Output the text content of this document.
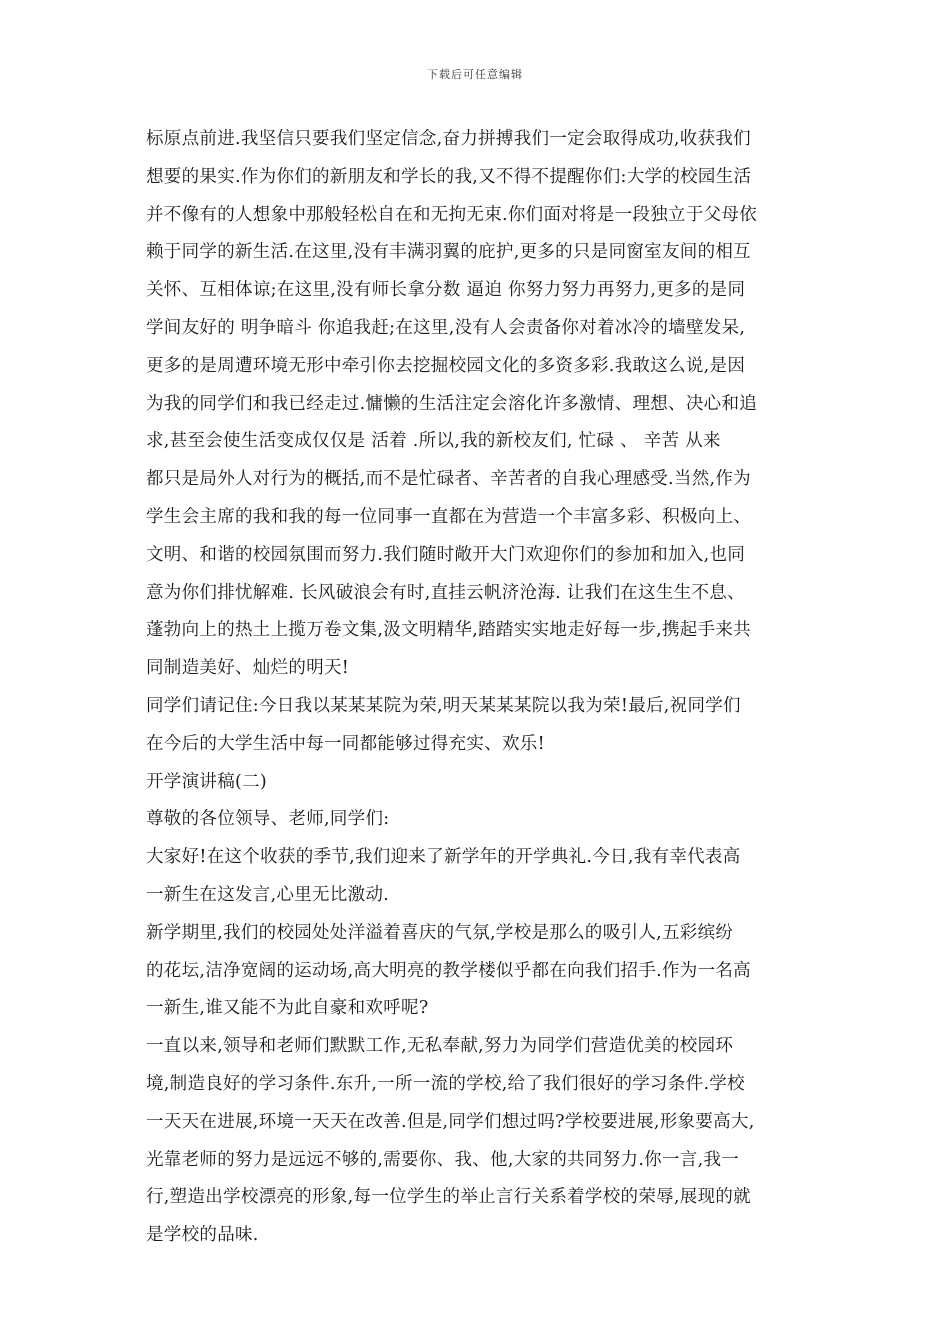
下载后可任意编辑
标原点前进.我坚信只要我们坚定信念,奋力拼搏我们一定会取得成功,收获我们
想要的果实.作为你们的新朋友和学长的我,又不得不提醒你们:大学的校园生活
并不像有的人想象中那般轻松自在和无拘无束.你们面对将是一段独立于父母依
赖于同学的新生活.在这里,没有丰满羽翼的庇护,更多的只是同窗室友间的相互
关怀、互相体谅;在这里,没有师长拿分数 逼迫 你努力努力再努力,更多的是同
学间友好的 明争暗斗 你追我赶;在这里,没有人会责备你对着冰冷的墙壁发呆,
更多的是周遭环境无形中牵引你去挖掘校园文化的多资多彩.我敢这么说,是因
为我的同学们和我已经走过.慵懒的生活注定会溶化许多激情、理想、决心和追
求,甚至会使生活变成仅仅是 活着 .所以,我的新校友们, 忙碌 、 辛苦 从来
都只是局外人对行为的概括,而不是忙碌者、辛苦者的自我心理感受.当然,作为
学生会主席的我和我的每一位同事一直都在为营造一个丰富多彩、积极向上、
文明、和谐的校园氛围而努力.我们随时敞开大门欢迎你们的参加和加入,也同
意为你们排忧解难. 长风破浪会有时,直挂云帆济沧海. 让我们在这生生不息、
蓬勃向上的热土上揽万卷文集,汲文明精华,踏踏实实地走好每一步,携起手来共
同制造美好、灿烂的明天!
同学们请记住:今日我以某某某院为荣,明天某某某院以我为荣!最后,祝同学们
在今后的大学生活中每一同都能够过得充实、欢乐!
开学演讲稿(二)
尊敬的各位领导、老师,同学们:
大家好!在这个收获的季节,我们迎来了新学年的开学典礼.今日,我有幸代表高
一新生在这发言,心里无比激动.
新学期里,我们的校园处处洋溢着喜庆的气氛,学校是那么的吸引人,五彩缤纷
的花坛,洁净宽阔的运动场,高大明亮的教学楼似乎都在向我们招手.作为一名高
一新生,谁又能不为此自豪和欢呼呢?
一直以来,领导和老师们默默工作,无私奉献,努力为同学们营造优美的校园环
境,制造良好的学习条件.东升,一所一流的学校,给了我们很好的学习条件.学校
一天天在进展,环境一天天在改善.但是,同学们想过吗?学校要进展,形象要高大,
光靠老师的努力是远远不够的,需要你、我、他,大家的共同努力.你一言,我一
行,塑造出学校漂亮的形象,每一位学生的举止言行关系着学校的荣辱,展现的就
是学校的品味.
